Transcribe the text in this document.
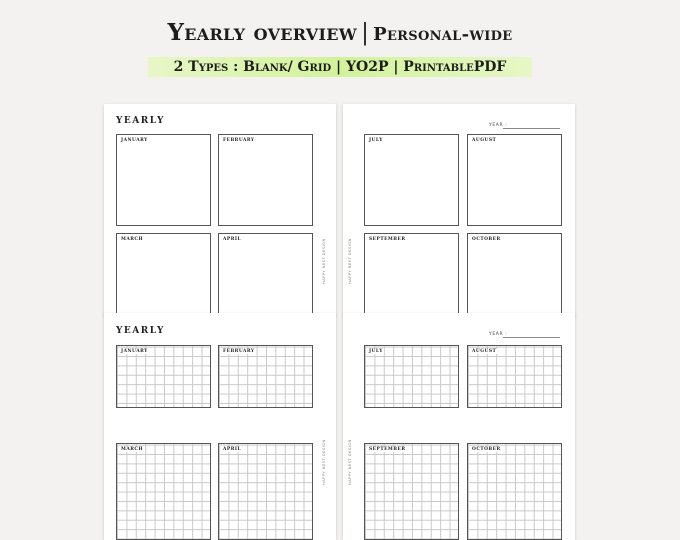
Yearly overview | Personal-wide
2 Types : Blank/ Grid | YO2P | PrintablePDF
YEARLY
JANUARY	FEBRUARY
MARCH	APRIL	HAPPY NEST DESIGN
YEAR :
JULY	AUGUST
SEPTEMBER	OCTOBER
HAPPY NEST DESIGN
YEARLY
JANUARY	FEBRUARY
MARCH	APRIL	HAPPY NEST DESIGN
YEAR :
JULY	AUGUST
SEPTEMBER	OCTOBER
HAPPY NEST DESIGN
